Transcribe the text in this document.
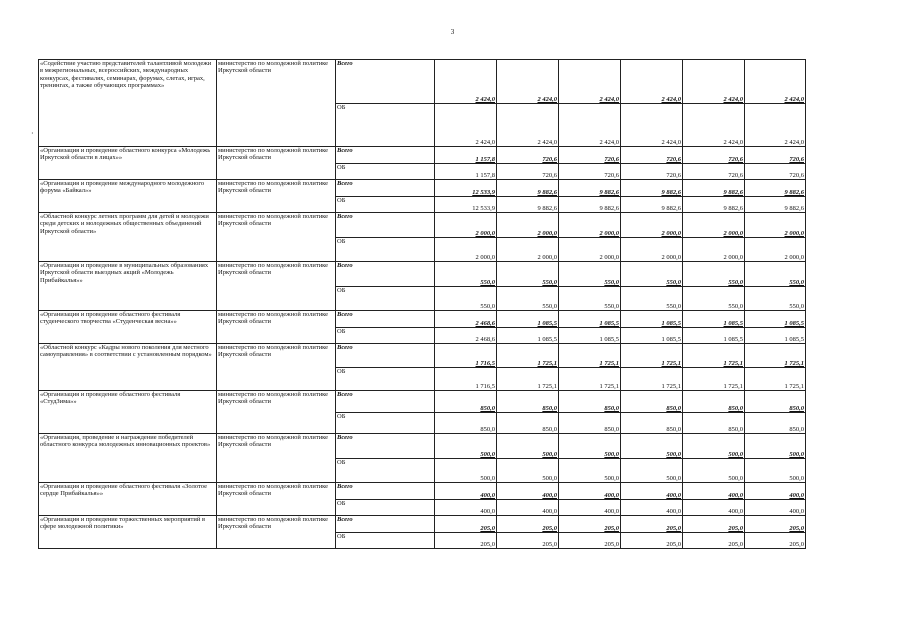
3
·
«Содействие участию представителей талантливой молодежи в межрегиональных, всероссийских, международных конкурсах, фестивалях, семинарах, форумах, слетах, играх, тренингах, а также обучающих программах»	министерство по молодежной политике Иркутской области	Всего	2 424,0	2 424,0	2 424,0	2 424,0	2 424,0	2 424,0
		ОБ	2 424,0	2 424,0	2 424,0	2 424,0	2 424,0	2 424,0
«Организация и проведение областного конкурса «Молодежь Иркутской области в лицах»»	министерство по молодежной политике Иркутской области	Всего	1 157,8	720,6	720,6	720,6	720,6	720,6
		ОБ	1 157,8	720,6	720,6	720,6	720,6	720,6
«Организация и проведение международного молодежного форума «Байкал»»	министерство по молодежной политике Иркутской области	Всего	12 533,9	9 882,6	9 882,6	9 882,6	9 882,6	9 882,6
		ОБ	12 533,9	9 882,6	9 882,6	9 882,6	9 882,6	9 882,6
«Областной конкурс летних программ для детей и молодежи среди детских и молодежных общественных объединений Иркутской области»	министерство по молодежной политике Иркутской области	Всего	2 000,0	2 000,0	2 000,0	2 000,0	2 000,0	2 000,0
		ОБ	2 000,0	2 000,0	2 000,0	2 000,0	2 000,0	2 000,0
«Организация и проведение в муниципальных образованиях Иркутской области выездных акций «Молодежь Прибайкалья»»	министерство по молодежной политике Иркутской области	Всего	550,0	550,0	550,0	550,0	550,0	550,0
		ОБ	550,0	550,0	550,0	550,0	550,0	550,0
«Организация и проведение областного фестиваля студенческого творчества «Студенческая весна»»	министерство по молодежной политике Иркутской области	Всего	2 468,6	1 085,5	1 085,5	1 085,5	1 085,5	1 085,5
		ОБ	2 468,6	1 085,5	1 085,5	1 085,5	1 085,5	1 085,5
«Областной конкурс «Кадры нового поколения для местного самоуправления» в соответствии с установленным порядком»	министерство по молодежной политике Иркутской области	Всего	1 716,5	1 725,1	1 725,1	1 725,1	1 725,1	1 725,1
		ОБ	1 716,5	1 725,1	1 725,1	1 725,1	1 725,1	1 725,1
«Организация и проведение областного фестиваля «СтудЗима»»	министерство по молодежной политике Иркутской области	Всего	850,0	850,0	850,0	850,0	850,0	850,0
		ОБ	850,0	850,0	850,0	850,0	850,0	850,0
«Организация, проведение и награждение победителей областного конкурса молодежных инновационных проектов»	министерство по молодежной политике Иркутской области	Всего	500,0	500,0	500,0	500,0	500,0	500,0
		ОБ	500,0	500,0	500,0	500,0	500,0	500,0
«Организация и проведение областного фестиваля «Золотое сердце Прибайкалья»»	министерство по молодежной политике Иркутской области	Всего	400,0	400,0	400,0	400,0	400,0	400,0
		ОБ	400,0	400,0	400,0	400,0	400,0	400,0
«Организация и проведение торжественных мероприятий в сфере молодежной политики»	министерство по молодежной политике Иркутской области	Всего	205,0	205,0	205,0	205,0	205,0	205,0
		ОБ	205,0	205,0	205,0	205,0	205,0	205,0
